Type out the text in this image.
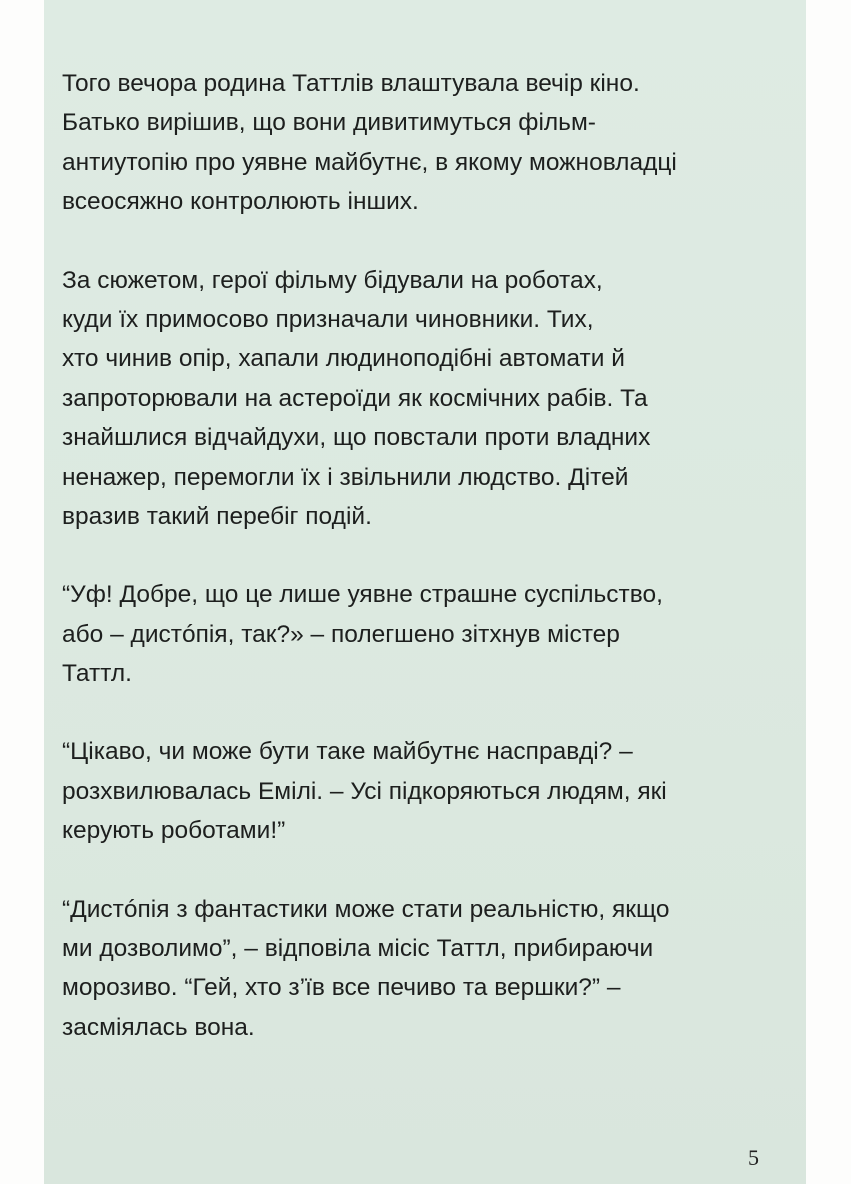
Того вечора родина Таттлів влаштувала вечір кіно.
Батько вирішив, що вони дивитимуться фільм-
антиутопію про уявне майбутнє, в якому можновладці
всеосяжно контролюють інших.

За сюжетом, герої фільму бідували на роботах,
куди їх примосово призначали чиновники. Тих,
хто чинив опір, хапали людиноподібні автомати й
запроторювали на астероїди як космічних рабів. Та
знайшлися відчайдухи, що повстали проти владних
ненажер, перемогли їх і звільнили людство. Дітей
вразив такий перебіг подій.

“Уф! Добре, що це лише уявне страшне суспільство,
або – дистóпія, так?» – полегшено зітхнув містер
Таттл.

“Цікаво, чи може бути таке майбутнє насправді? –
розхвилювалась Емілі. – Усі підкоряються людям, які
керують роботами!”

“Дистóпія з фантастики може стати реальністю, якщо
ми дозволимо”, – відповіла місіс Таттл, прибираючи
морозиво. “Гей, хто з’їв все печиво та вершки?” –
засміялась вона.

5
